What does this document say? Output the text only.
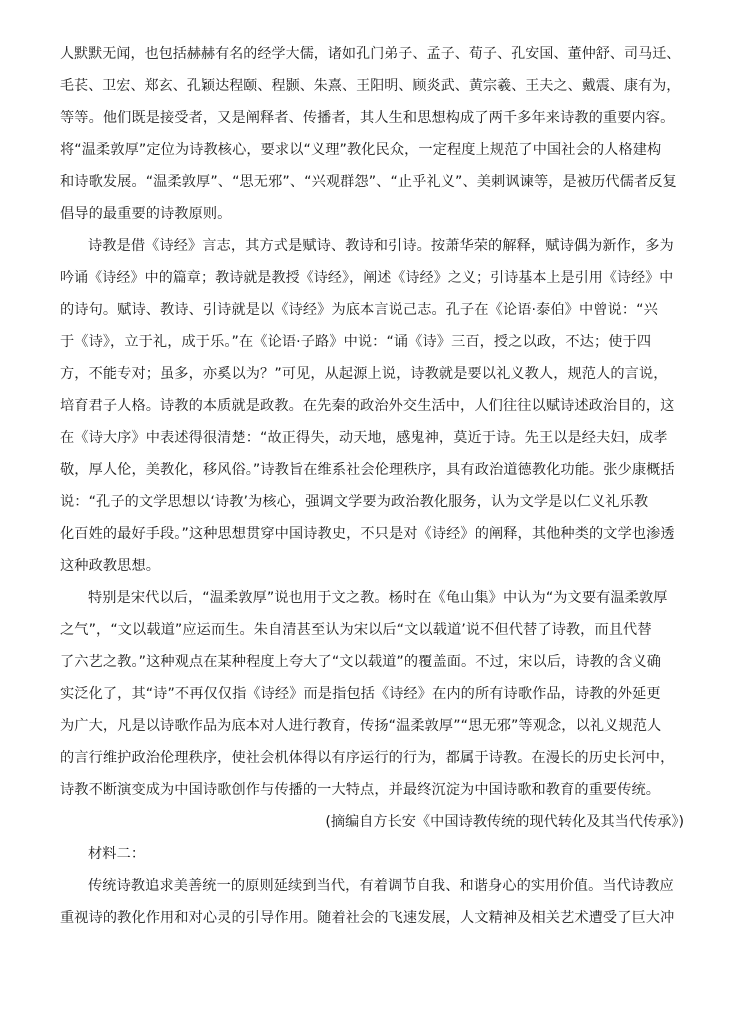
人默默无闻，也包括赫赫有名的经学大儒，诸如孔门弟子、孟子、荀子、孔安国、董仲舒、司马迁、
毛苌、卫宏、郑玄、孔颖达程颐、程颢、朱熹、王阳明、顾炎武、黄宗羲、王夫之、戴震、康有为，
等等。他们既是接受者，又是阐释者、传播者，其人生和思想构成了两千多年来诗教的重要内容。
将“温柔敦厚”定位为诗教核心，要求以“义理”教化民众，一定程度上规范了中国社会的人格建构
和诗歌发展。“温柔敦厚”、“思无邪”、“兴观群怨”、“止乎礼义”、美刺讽谏等，是被历代儒者反复
倡导的最重要的诗教原则。
诗教是借《诗经》言志，其方式是赋诗、教诗和引诗。按萧华荣的解释，赋诗偶为新作，多为
吟诵《诗经》中的篇章；教诗就是教授《诗经》，阐述《诗经》之义；引诗基本上是引用《诗经》中
的诗句。赋诗、教诗、引诗就是以《诗经》为底本言说己志。孔子在《论语·泰伯》中曾说：“兴
于《诗》，立于礼，成于乐。”在《论语·子路》中说：“诵《诗》三百，授之以政，不达；使于四
方，不能专对；虽多，亦奚以为？”可见，从起源上说，诗教就是要以礼义教人，规范人的言说，
培育君子人格。诗教的本质就是政教。在先秦的政治外交生活中，人们往往以赋诗述政治目的，这
在《诗大序》中表述得很清楚：“故正得失，动天地，感鬼神，莫近于诗。先王以是经夫妇，成孝
敬，厚人伦，美教化，移风俗。”诗教旨在维系社会伦理秩序，具有政治道德教化功能。张少康概括
说：“孔子的文学思想以‘诗教’为核心，强调文学要为政治教化服务，认为文学是以仁义礼乐教
化百姓的最好手段。”这种思想贯穿中国诗教史，不只是对《诗经》的阐释，其他种类的文学也渗透
这种政教思想。
特别是宋代以后，“温柔敦厚”说也用于文之教。杨时在《龟山集》中认为“为文要有温柔敦厚
之气”，“文以载道”应运而生。朱自清甚至认为宋以后“文以载道’说不但代替了诗教，而且代替
了六艺之教。”这种观点在某种程度上夸大了“文以载道”的覆盖面。不过，宋以后，诗教的含义确
实泛化了，其“诗”不再仅仅指《诗经》而是指包括《诗经》在内的所有诗歌作品，诗教的外延更
为广大，凡是以诗歌作品为底本对人进行教育，传扬“温柔敦厚”“思无邪”等观念，以礼义规范人
的言行维护政治伦理秩序，使社会机体得以有序运行的行为，都属于诗教。在漫长的历史长河中，
诗教不断演变成为中国诗歌创作与传播的一大特点，并最终沉淀为中国诗歌和教育的重要传统。
(摘编自方长安《中国诗教传统的现代转化及其当代传承》)
材料二：
传统诗教追求美善统一的原则延续到当代，有着调节自我、和谐身心的实用价值。当代诗教应
重视诗的教化作用和对心灵的引导作用。随着社会的飞速发展，人文精神及相关艺术遭受了巨大冲
